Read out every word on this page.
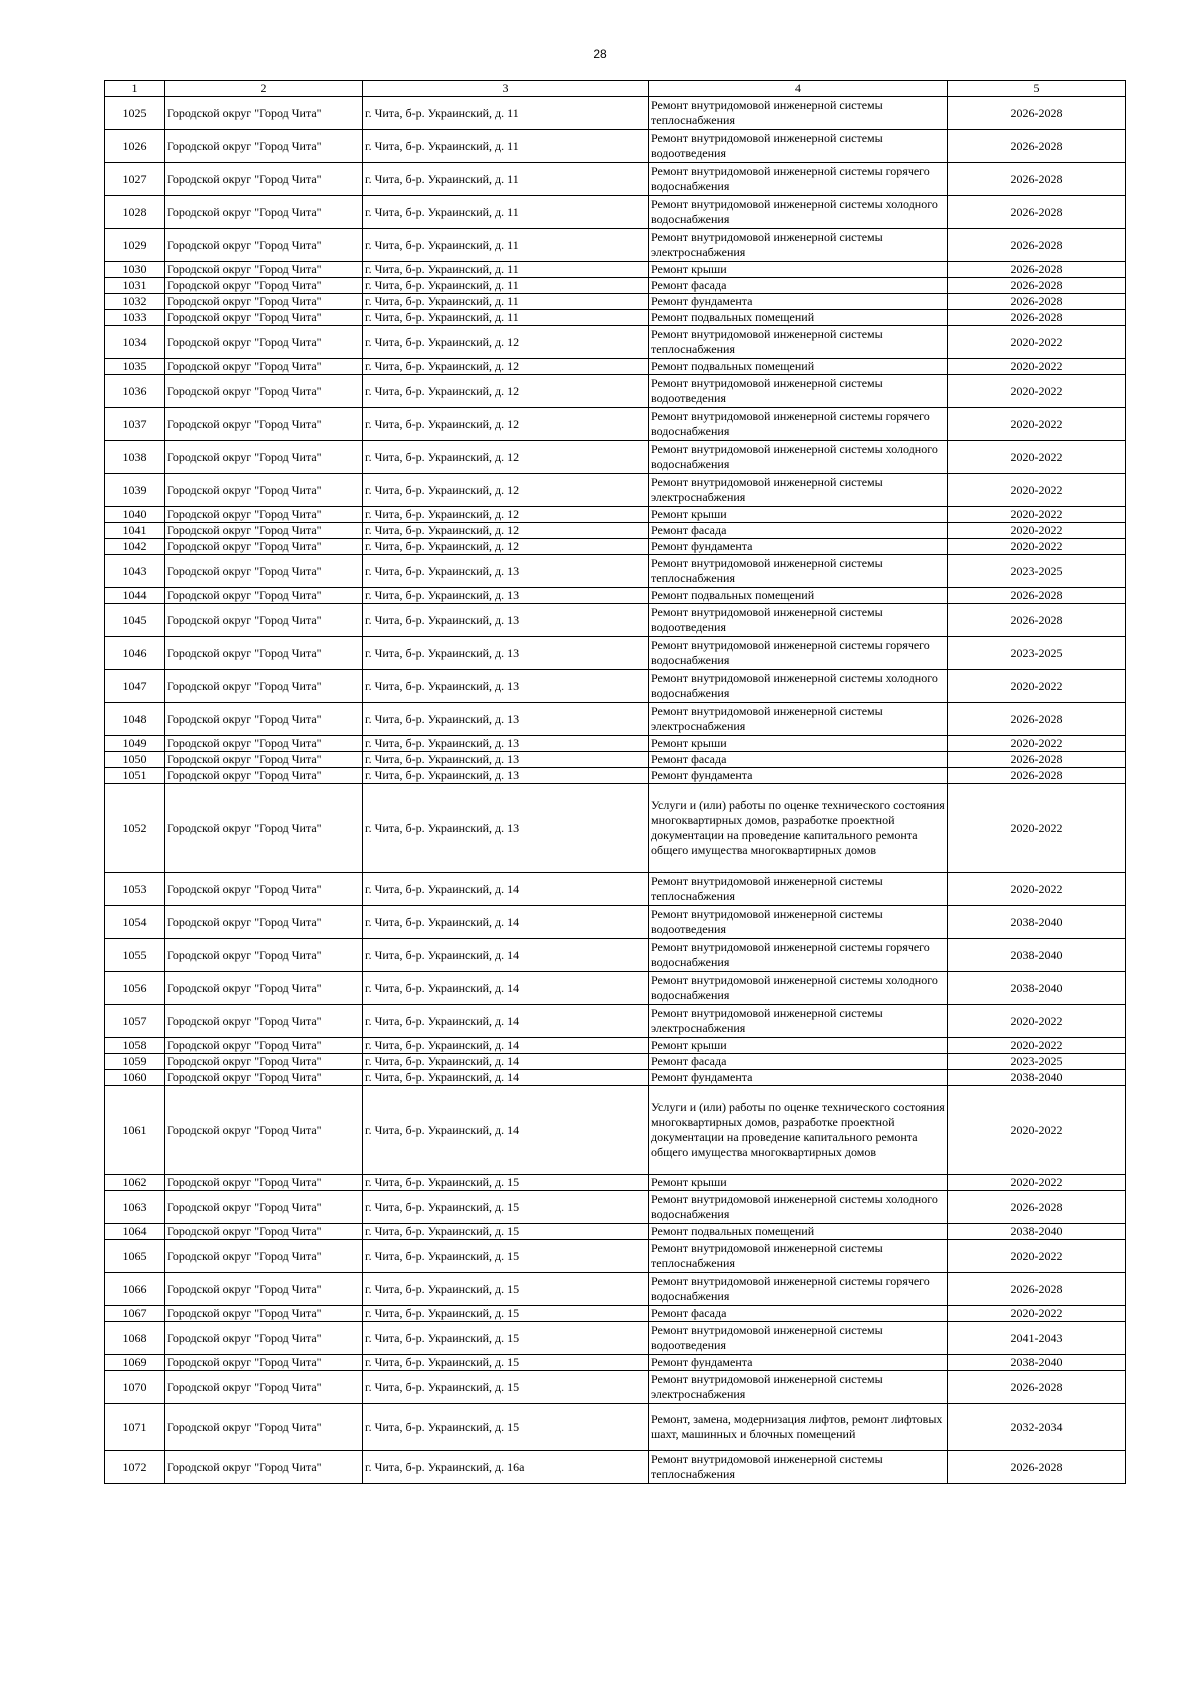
28
1	2	3	4	5
1025	Городской округ "Город Чита"	г. Чита, б-р. Украинский, д. 11	Ремонт внутридомовой инженерной системы теплоснабжения	2026-2028
1026	Городской округ "Город Чита"	г. Чита, б-р. Украинский, д. 11	Ремонт внутридомовой инженерной системы водоотведения	2026-2028
1027	Городской округ "Город Чита"	г. Чита, б-р. Украинский, д. 11	Ремонт внутридомовой инженерной системы горячего водоснабжения	2026-2028
1028	Городской округ "Город Чита"	г. Чита, б-р. Украинский, д. 11	Ремонт внутридомовой инженерной системы холодного водоснабжения	2026-2028
1029	Городской округ "Город Чита"	г. Чита, б-р. Украинский, д. 11	Ремонт внутридомовой инженерной системы электроснабжения	2026-2028
1030	Городской округ "Город Чита"	г. Чита, б-р. Украинский, д. 11	Ремонт крыши	2026-2028
1031	Городской округ "Город Чита"	г. Чита, б-р. Украинский, д. 11	Ремонт фасада	2026-2028
1032	Городской округ "Город Чита"	г. Чита, б-р. Украинский, д. 11	Ремонт фундамента	2026-2028
1033	Городской округ "Город Чита"	г. Чита, б-р. Украинский, д. 11	Ремонт подвальных помещений	2026-2028
1034	Городской округ "Город Чита"	г. Чита, б-р. Украинский, д. 12	Ремонт внутридомовой инженерной системы теплоснабжения	2020-2022
1035	Городской округ "Город Чита"	г. Чита, б-р. Украинский, д. 12	Ремонт подвальных помещений	2020-2022
1036	Городской округ "Город Чита"	г. Чита, б-р. Украинский, д. 12	Ремонт внутридомовой инженерной системы водоотведения	2020-2022
1037	Городской округ "Город Чита"	г. Чита, б-р. Украинский, д. 12	Ремонт внутридомовой инженерной системы горячего водоснабжения	2020-2022
1038	Городской округ "Город Чита"	г. Чита, б-р. Украинский, д. 12	Ремонт внутридомовой инженерной системы холодного водоснабжения	2020-2022
1039	Городской округ "Город Чита"	г. Чита, б-р. Украинский, д. 12	Ремонт внутридомовой инженерной системы электроснабжения	2020-2022
1040	Городской округ "Город Чита"	г. Чита, б-р. Украинский, д. 12	Ремонт крыши	2020-2022
1041	Городской округ "Город Чита"	г. Чита, б-р. Украинский, д. 12	Ремонт фасада	2020-2022
1042	Городской округ "Город Чита"	г. Чита, б-р. Украинский, д. 12	Ремонт фундамента	2020-2022
1043	Городской округ "Город Чита"	г. Чита, б-р. Украинский, д. 13	Ремонт внутридомовой инженерной системы теплоснабжения	2023-2025
1044	Городской округ "Город Чита"	г. Чита, б-р. Украинский, д. 13	Ремонт подвальных помещений	2026-2028
1045	Городской округ "Город Чита"	г. Чита, б-р. Украинский, д. 13	Ремонт внутридомовой инженерной системы водоотведения	2026-2028
1046	Городской округ "Город Чита"	г. Чита, б-р. Украинский, д. 13	Ремонт внутридомовой инженерной системы горячего водоснабжения	2023-2025
1047	Городской округ "Город Чита"	г. Чита, б-р. Украинский, д. 13	Ремонт внутридомовой инженерной системы холодного водоснабжения	2020-2022
1048	Городской округ "Город Чита"	г. Чита, б-р. Украинский, д. 13	Ремонт внутридомовой инженерной системы электроснабжения	2026-2028
1049	Городской округ "Город Чита"	г. Чита, б-р. Украинский, д. 13	Ремонт крыши	2020-2022
1050	Городской округ "Город Чита"	г. Чита, б-р. Украинский, д. 13	Ремонт фасада	2026-2028
1051	Городской округ "Город Чита"	г. Чита, б-р. Украинский, д. 13	Ремонт фундамента	2026-2028
1052	Городской округ "Город Чита"	г. Чита, б-р. Украинский, д. 13	Услуги и (или) работы по оценке технического состояния многоквартирных домов, разработке проектной документации на проведение капитального ремонта общего имущества многоквартирных домов	2020-2022
1053	Городской округ "Город Чита"	г. Чита, б-р. Украинский, д. 14	Ремонт внутридомовой инженерной системы теплоснабжения	2020-2022
1054	Городской округ "Город Чита"	г. Чита, б-р. Украинский, д. 14	Ремонт внутридомовой инженерной системы водоотведения	2038-2040
1055	Городской округ "Город Чита"	г. Чита, б-р. Украинский, д. 14	Ремонт внутридомовой инженерной системы горячего водоснабжения	2038-2040
1056	Городской округ "Город Чита"	г. Чита, б-р. Украинский, д. 14	Ремонт внутридомовой инженерной системы холодного водоснабжения	2038-2040
1057	Городской округ "Город Чита"	г. Чита, б-р. Украинский, д. 14	Ремонт внутридомовой инженерной системы электроснабжения	2020-2022
1058	Городской округ "Город Чита"	г. Чита, б-р. Украинский, д. 14	Ремонт крыши	2020-2022
1059	Городской округ "Город Чита"	г. Чита, б-р. Украинский, д. 14	Ремонт фасада	2023-2025
1060	Городской округ "Город Чита"	г. Чита, б-р. Украинский, д. 14	Ремонт фундамента	2038-2040
1061	Городской округ "Город Чита"	г. Чита, б-р. Украинский, д. 14	Услуги и (или) работы по оценке технического состояния многоквартирных домов, разработке проектной документации на проведение капитального ремонта общего имущества многоквартирных домов	2020-2022
1062	Городской округ "Город Чита"	г. Чита, б-р. Украинский, д. 15	Ремонт крыши	2020-2022
1063	Городской округ "Город Чита"	г. Чита, б-р. Украинский, д. 15	Ремонт внутридомовой инженерной системы холодного водоснабжения	2026-2028
1064	Городской округ "Город Чита"	г. Чита, б-р. Украинский, д. 15	Ремонт подвальных помещений	2038-2040
1065	Городской округ "Город Чита"	г. Чита, б-р. Украинский, д. 15	Ремонт внутридомовой инженерной системы теплоснабжения	2020-2022
1066	Городской округ "Город Чита"	г. Чита, б-р. Украинский, д. 15	Ремонт внутридомовой инженерной системы горячего водоснабжения	2026-2028
1067	Городской округ "Город Чита"	г. Чита, б-р. Украинский, д. 15	Ремонт фасада	2020-2022
1068	Городской округ "Город Чита"	г. Чита, б-р. Украинский, д. 15	Ремонт внутридомовой инженерной системы водоотведения	2041-2043
1069	Городской округ "Город Чита"	г. Чита, б-р. Украинский, д. 15	Ремонт фундамента	2038-2040
1070	Городской округ "Город Чита"	г. Чита, б-р. Украинский, д. 15	Ремонт внутридомовой инженерной системы электроснабжения	2026-2028
1071	Городской округ "Город Чита"	г. Чита, б-р. Украинский, д. 15	Ремонт, замена, модернизация лифтов, ремонт лифтовых шахт, машинных и блочных помещений	2032-2034
1072	Городской округ "Город Чита"	г. Чита, б-р. Украинский, д. 16а	Ремонт внутридомовой инженерной системы теплоснабжения	2026-2028
